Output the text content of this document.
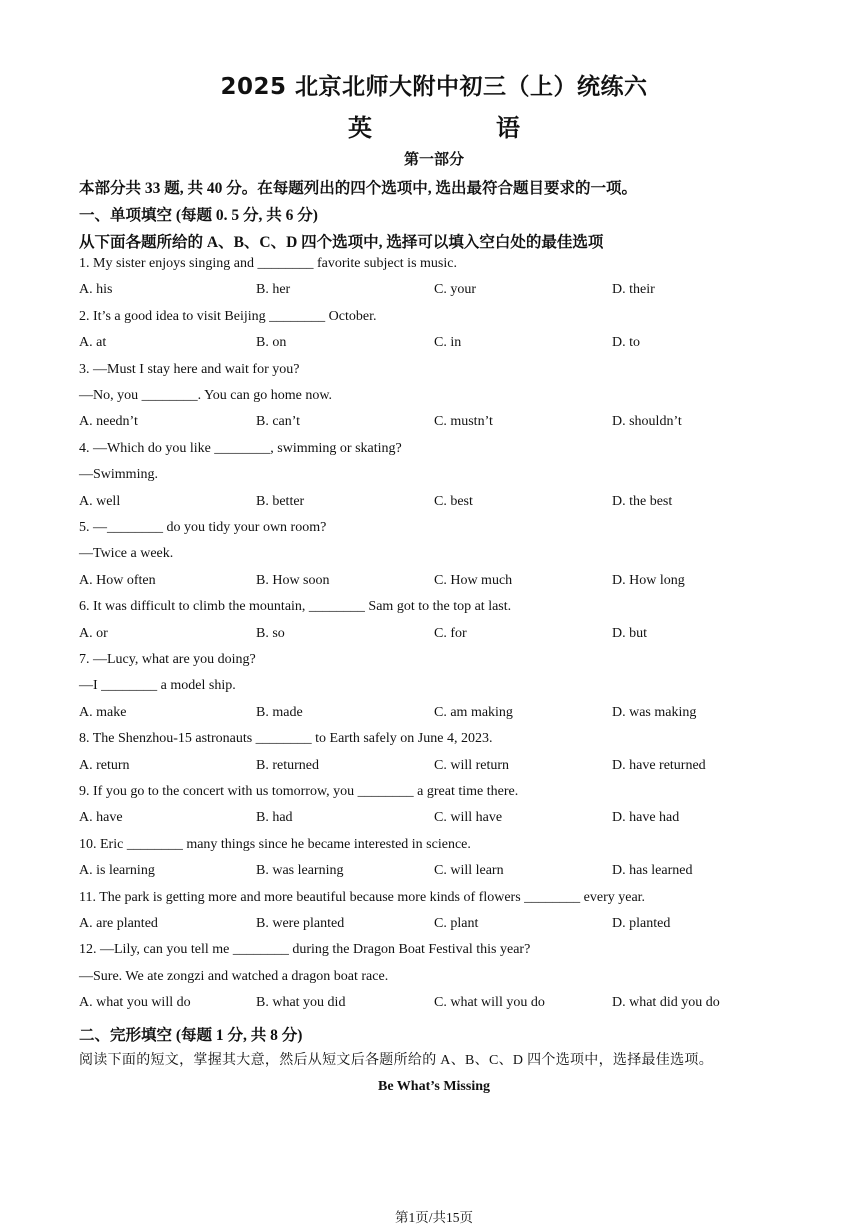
2025 北京北师大附中初三（上）统练六
英　语
第一部分
本部分共 33 题, 共 40 分。在每题列出的四个选项中, 选出最符合题目要求的一项。
一、单项填空 (每题 0. 5 分, 共 6 分)
从下面各题所给的 A、B、C、D 四个选项中, 选择可以填入空白处的最佳选项
1. My sister enjoys singing and ________ favorite subject is music.
A. his	B. her	C. your	D. their
2. It’s a good idea to visit Beijing ________ October.
A. at	B. on	C. in	D. to
3. —Must I stay here and wait for you?
—No, you ________. You can go home now.
A. needn’t	B. can’t	C. mustn’t	D. shouldn’t
4. —Which do you like ________, swimming or skating?
—Swimming.
A. well	B. better	C. best	D. the best
5. —________ do you tidy your own room?
—Twice a week.
A. How often	B. How soon	C. How much	D. How long
6. It was difficult to climb the mountain, ________ Sam got to the top at last.
A. or	B. so	C. for	D. but
7. —Lucy, what are you doing?
—I ________ a model ship.
A. make	B. made	C. am making	D. was making
8. The Shenzhou-15 astronauts ________ to Earth safely on June 4, 2023.
A. return	B. returned	C. will return	D. have returned
9. If you go to the concert with us tomorrow, you ________ a great time there.
A. have	B. had	C. will have	D. have had
10. Eric ________ many things since he became interested in science.
A. is learning	B. was learning	C. will learn	D. has learned
11. The park is getting more and more beautiful because more kinds of flowers ________ every year.
A. are planted	B. were planted	C. plant	D. planted
12. —Lily, can you tell me ________ during the Dragon Boat Festival this year?
—Sure. We ate zongzi and watched a dragon boat race.
A. what you will do	B. what you did	C. what will you do	D. what did you do
二、完形填空 (每题 1 分, 共 8 分)
阅读下面的短文，掌握其大意，然后从短文后各题所给的 A、B、C、D 四个选项中，选择最佳选项。
Be What’s Missing
第1页/共15页
